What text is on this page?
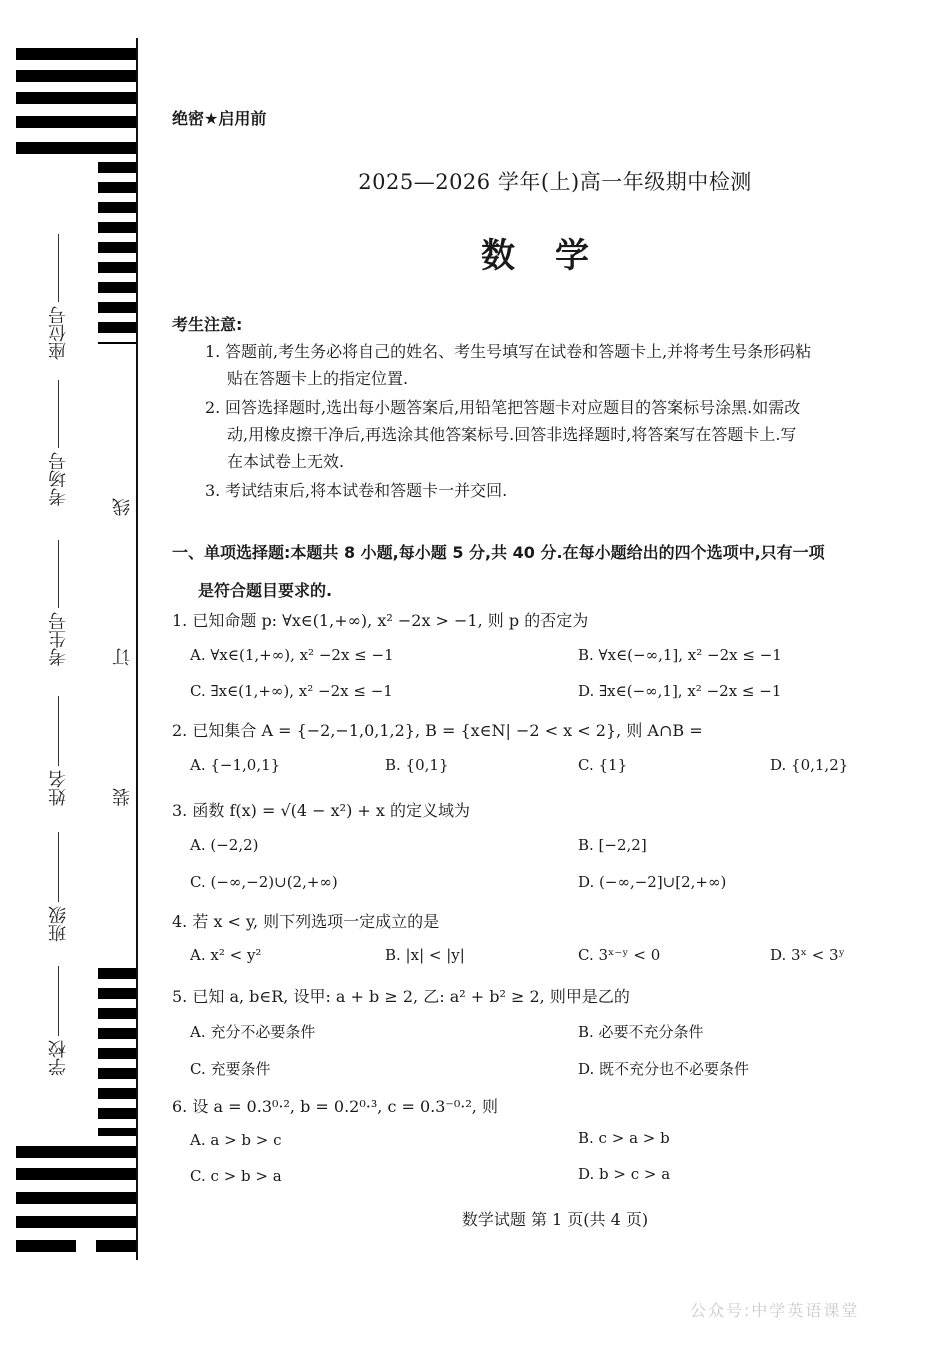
座位号
考场号
考生号
姓名
班级
学校
线
订
装
绝密★启用前
2025—2026 学年(上)高一年级期中检测
数学
考生注意:
1. 答题前,考生务必将自己的姓名、考生号填写在试卷和答题卡上,并将考生号条形码粘
贴在答题卡上的指定位置.
2. 回答选择题时,选出每小题答案后,用铅笔把答题卡对应题目的答案标号涂黑.如需改
动,用橡皮擦干净后,再选涂其他答案标号.回答非选择题时,将答案写在答题卡上.写
在本试卷上无效.
3. 考试结束后,将本试卷和答题卡一并交回.
一、单项选择题:本题共 8 小题,每小题 5 分,共 40 分.在每小题给出的四个选项中,只有一项
是符合题目要求的.
1. 已知命题 p: ∀x∈(1,+∞), x² −2x > −1, 则 p 的否定为
A. ∀x∈(1,+∞), x² −2x ≤ −1	B. ∀x∈(−∞,1], x² −2x ≤ −1
C. ∃x∈(1,+∞), x² −2x ≤ −1	D. ∃x∈(−∞,1], x² −2x ≤ −1
2. 已知集合 A = {−2,−1,0,1,2}, B = {x∈N| −2 < x < 2}, 则 A∩B =
A. {−1,0,1}	B. {0,1}	C. {1}	D. {0,1,2}
3. 函数 f(x) = √(4 − x²) + x 的定义域为
A. (−2,2)	B. [−2,2]
C. (−∞,−2)∪(2,+∞)	D. (−∞,−2]∪[2,+∞)
4. 若 x < y, 则下列选项一定成立的是
A. x² < y²	B. |x| < |y|	C. 3ˣ⁻ʸ < 0	D. 3ˣ < 3ʸ
5. 已知 a, b∈R, 设甲: a + b ≥ 2, 乙: a² + b² ≥ 2, 则甲是乙的
A. 充分不必要条件	B. 必要不充分条件
C. 充要条件	D. 既不充分也不必要条件
6. 设 a = 0.3⁰·², b = 0.2⁰·³, c = 0.3⁻⁰·², 则
A. a > b > c	B. c > a > b
C. c > b > a	D. b > c > a
数学试题 第 1 页(共 4 页)
公众号:中学英语课堂
